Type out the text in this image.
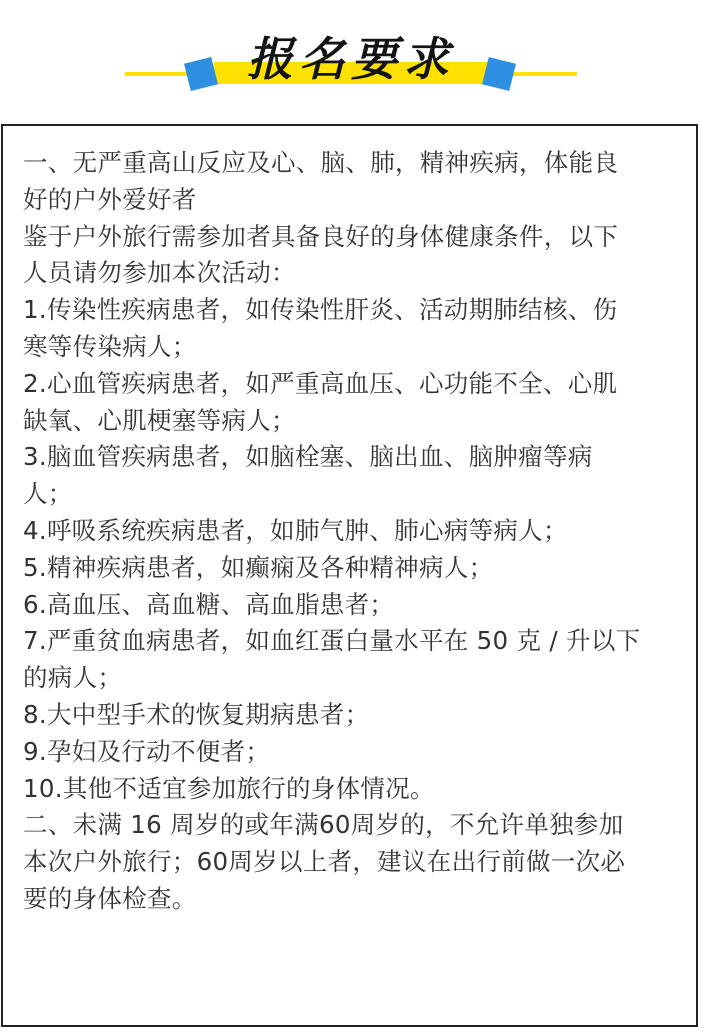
报名要求
一、无严重高山反应及心、脑、肺，精神疾病，体能良
好的户外爱好者
鉴于户外旅行需参加者具备良好的身体健康条件，以下
人员请勿参加本次活动：
1.传染性疾病患者，如传染性肝炎、活动期肺结核、伤
寒等传染病人；
2.心血管疾病患者，如严重高血压、心功能不全、心肌
缺氧、心肌梗塞等病人；
3.脑血管疾病患者，如脑栓塞、脑出血、脑肿瘤等病
人；
4.呼吸系统疾病患者，如肺气肿、肺心病等病人；
5.精神疾病患者，如癫痫及各种精神病人；
6.高血压、高血糖、高血脂患者；
7.严重贫血病患者，如血红蛋白量水平在 50 克 / 升以下
的病人；
8.大中型手术的恢复期病患者；
9.孕妇及行动不便者；
10.其他不适宜参加旅行的身体情况。
二、未满 16 周岁的或年满60周岁的，不允许单独参加
本次户外旅行；60周岁以上者，建议在出行前做一次必
要的身体检查。
